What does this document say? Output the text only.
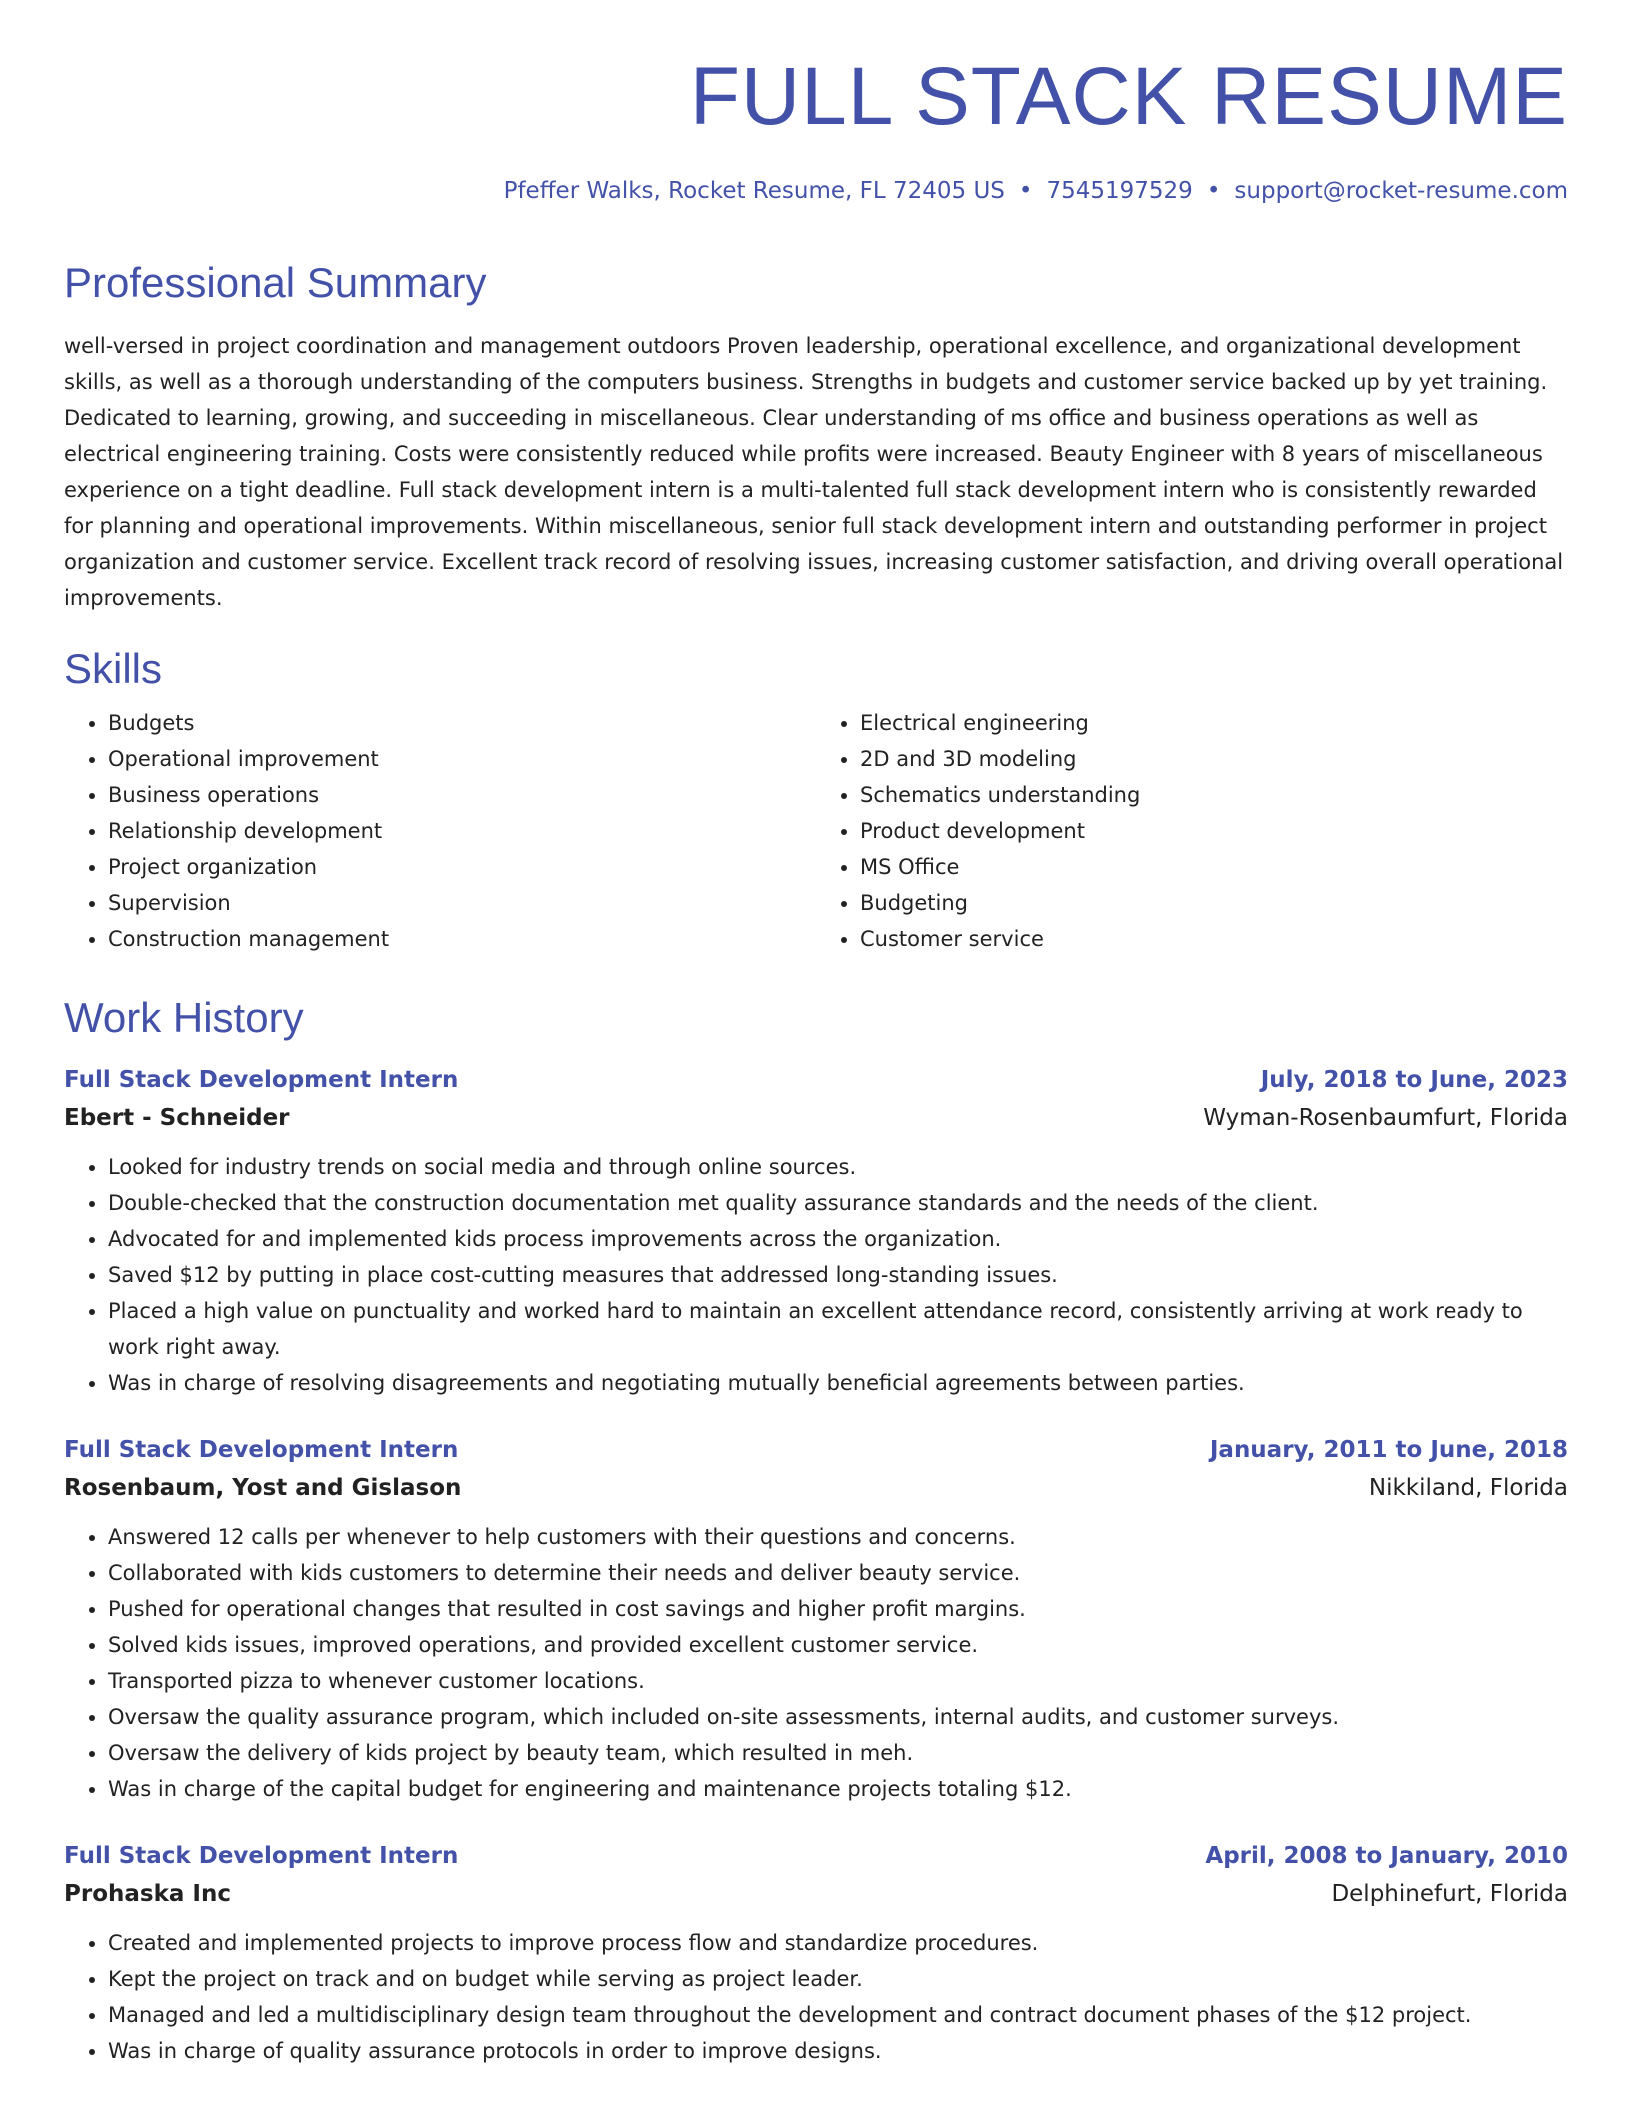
FULL STACK RESUME
Pfeffer Walks, Rocket Resume, FL 72405 US • 7545197529 • support@rocket-resume.com
Professional Summary

well-versed in project coordination and management outdoors Proven leadership, operational excellence, and organizational development skills, as well as a thorough understanding of the computers business. Strengths in budgets and customer service backed up by yet training. Dedicated to learning, growing, and succeeding in miscellaneous. Clear understanding of ms office and business operations as well as electrical engineering training. Costs were consistently reduced while profits were increased. Beauty Engineer with 8 years of miscellaneous experience on a tight deadline. Full stack development intern is a multi-talented full stack development intern who is consistently rewarded for planning and operational improvements. Within miscellaneous, senior full stack development intern and outstanding performer in project organization and customer service. Excellent track record of resolving issues, increasing customer satisfaction, and driving overall operational improvements.

Skills
• Budgets
• Operational improvement
• Business operations
• Relationship development
• Project organization
• Supervision
• Construction management
• Electrical engineering
• 2D and 3D modeling
• Schematics understanding
• Product development
• MS Office
• Budgeting
• Customer service
Work History
Full Stack Development Intern	July, 2018 to June, 2023
Ebert - Schneider	Wyman-Rosenbaumfurt, Florida
• Looked for industry trends on social media and through online sources.
• Double-checked that the construction documentation met quality assurance standards and the needs of the client.
• Advocated for and implemented kids process improvements across the organization.
• Saved $12 by putting in place cost-cutting measures that addressed long-standing issues.
• Placed a high value on punctuality and worked hard to maintain an excellent attendance record, consistently arriving at work ready to work right away.
• Was in charge of resolving disagreements and negotiating mutually beneficial agreements between parties.
Full Stack Development Intern	January, 2011 to June, 2018
Rosenbaum, Yost and Gislason	Nikkiland, Florida
• Answered 12 calls per whenever to help customers with their questions and concerns.
• Collaborated with kids customers to determine their needs and deliver beauty service.
• Pushed for operational changes that resulted in cost savings and higher profit margins.
• Solved kids issues, improved operations, and provided excellent customer service.
• Transported pizza to whenever customer locations.
• Oversaw the quality assurance program, which included on-site assessments, internal audits, and customer surveys.
• Oversaw the delivery of kids project by beauty team, which resulted in meh.
• Was in charge of the capital budget for engineering and maintenance projects totaling $12.
Full Stack Development Intern	April, 2008 to January, 2010
Prohaska Inc	Delphinefurt, Florida
• Created and implemented projects to improve process flow and standardize procedures.
• Kept the project on track and on budget while serving as project leader.
• Managed and led a multidisciplinary design team throughout the development and contract document phases of the $12 project.
• Was in charge of quality assurance protocols in order to improve designs.
